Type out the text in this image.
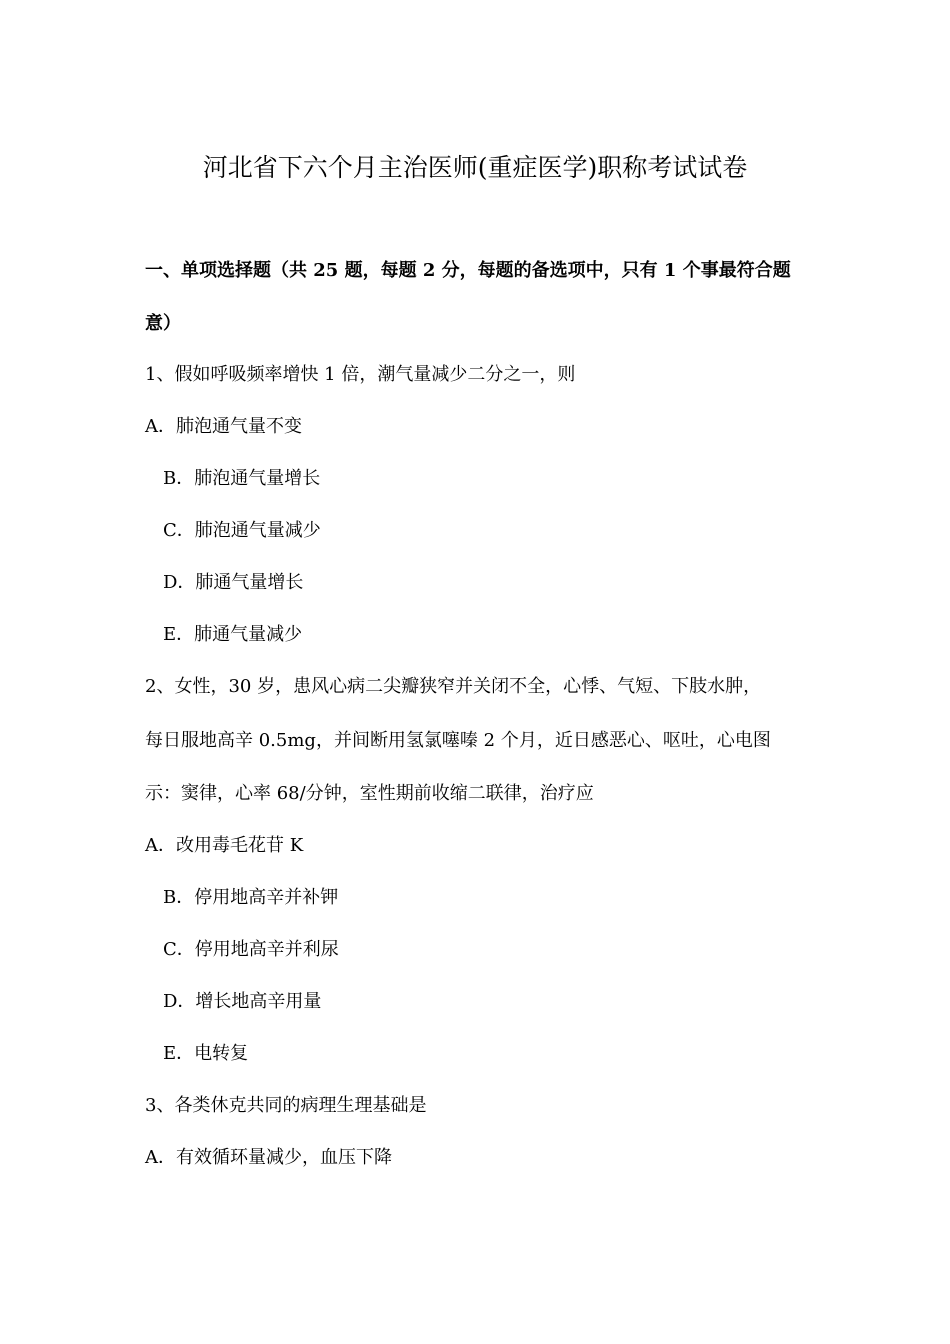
河北省下六个月主治医师(重症医学)职称考试试卷
一、单项选择题（共 25 题，每题 2 分，每题的备选项中，只有 1 个事最符合题
意）
1、假如呼吸频率增快 1 倍，潮气量减少二分之一，则
A．肺泡通气量不变
B．肺泡通气量增长
C．肺泡通气量减少
D．肺通气量增长
E．肺通气量减少
2、女性，30 岁，患风心病二尖瓣狭窄并关闭不全，心悸、气短、下肢水肿，
每日服地高辛 0.5mg，并间断用氢氯噻嗪 2 个月，近日感恶心、呕吐，心电图
示：窦律，心率 68/分钟，室性期前收缩二联律，治疗应
A．改用毒毛花苷 K
B．停用地高辛并补钾
C．停用地高辛并利尿
D．增长地高辛用量
E．电转复
3、各类休克共同的病理生理基础是
A．有效循环量减少，血压下降
